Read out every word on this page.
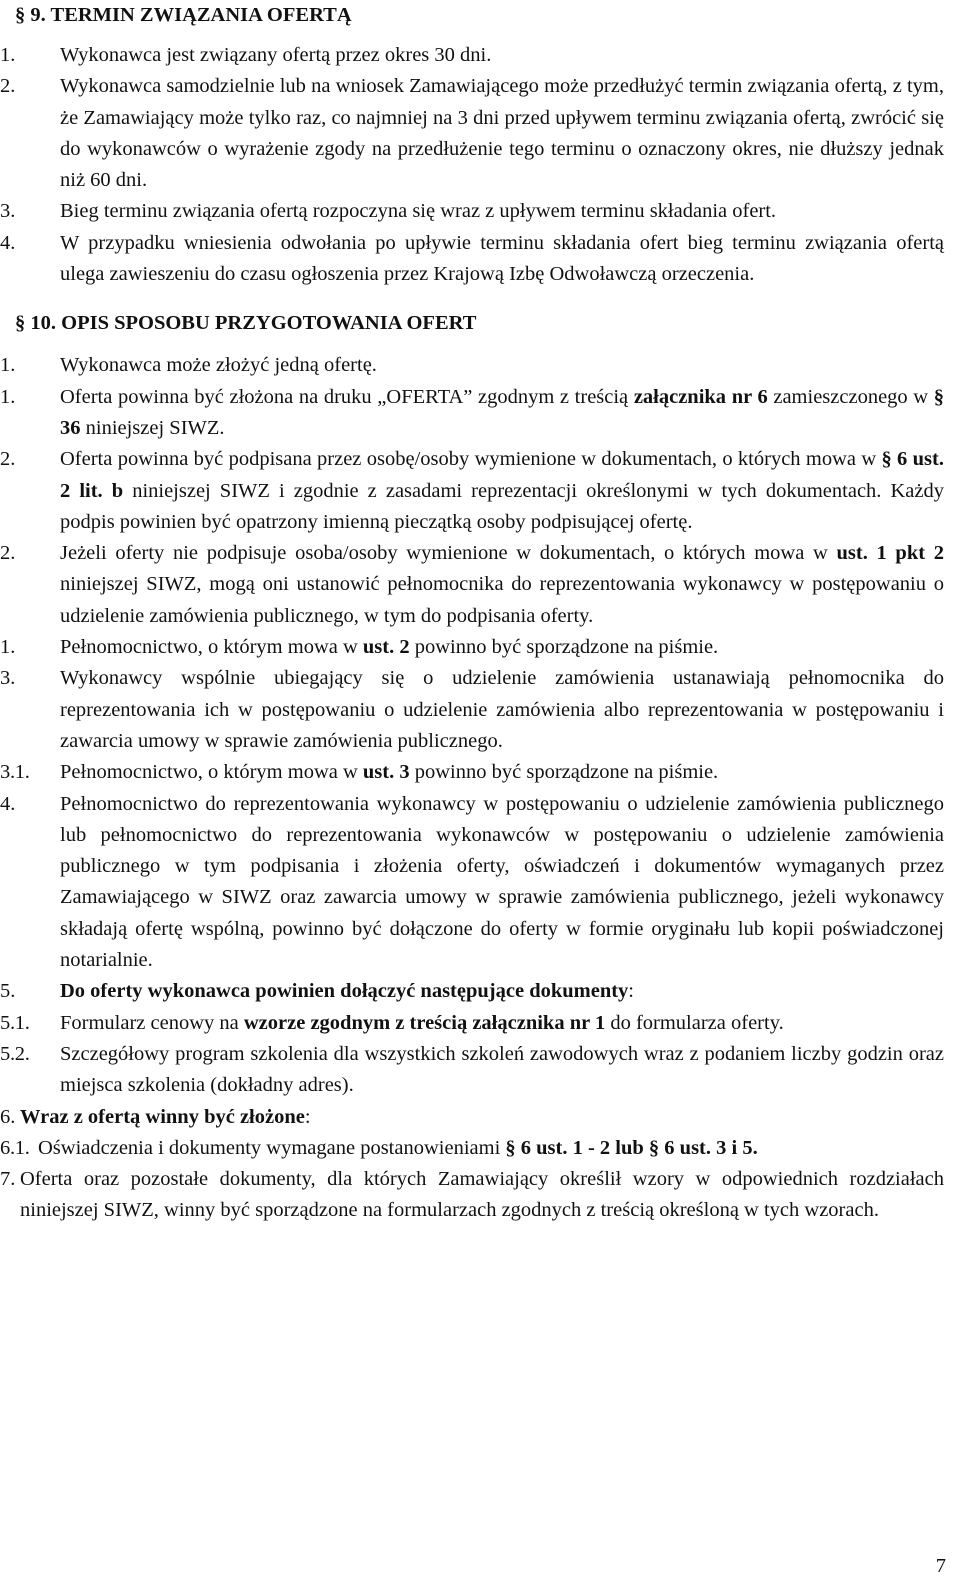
§ 9. TERMIN ZWIĄZANIA OFERTĄ
1. Wykonawca jest związany ofertą przez okres 30 dni.
2. Wykonawca samodzielnie lub na wniosek Zamawiającego może przedłużyć termin związania ofertą, z tym, że Zamawiający może tylko raz, co najmniej na 3 dni przed upływem terminu związania ofertą, zwrócić się do wykonawców o wyrażenie zgody na przedłużenie tego terminu o oznaczony okres, nie dłuższy jednak niż 60 dni.
3. Bieg terminu związania ofertą rozpoczyna się wraz z upływem terminu składania ofert.
4. W przypadku wniesienia odwołania po upływie terminu składania ofert bieg terminu związania ofertą ulega zawieszeniu do czasu ogłoszenia przez Krajową Izbę Odwoławczą orzeczenia.
§ 10. OPIS SPOSOBU PRZYGOTOWANIA OFERT
1. Wykonawca może złożyć jedną ofertę.
1. Oferta powinna być złożona na druku „OFERTA” zgodnym z treścią załącznika nr 6 zamieszczonego w § 36 niniejszej SIWZ.
2. Oferta powinna być podpisana przez osobę/osoby wymienione w dokumentach, o których mowa w § 6 ust. 2 lit. b niniejszej SIWZ i zgodnie z zasadami reprezentacji określonymi w tych dokumentach. Każdy podpis powinien być opatrzony imienną pieczątką osoby podpisującej ofertę.
2. Jeżeli oferty nie podpisuje osoba/osoby wymienione w dokumentach, o których mowa w ust. 1 pkt 2 niniejszej SIWZ, mogą oni ustanowić pełnomocnika do reprezentowania wykonawcy w postępowaniu o udzielenie zamówienia publicznego, w tym do podpisania oferty.
1. Pełnomocnictwo, o którym mowa w ust. 2 powinno być sporządzone na piśmie.
3. Wykonawcy wspólnie ubiegający się o udzielenie zamówienia ustanawiają pełnomocnika do reprezentowania ich w postępowaniu o udzielenie zamówienia albo reprezentowania w postępowaniu i zawarcia umowy w sprawie zamówienia publicznego.
3.1. Pełnomocnictwo, o którym mowa w ust. 3 powinno być sporządzone na piśmie.
4. Pełnomocnictwo do reprezentowania wykonawcy w postępowaniu o udzielenie zamówienia publicznego lub pełnomocnictwo do reprezentowania wykonawców w postępowaniu o udzielenie zamówienia publicznego w tym podpisania i złożenia oferty, oświadczeń i dokumentów wymaganych przez Zamawiającego w SIWZ oraz zawarcia umowy w sprawie zamówienia publicznego, jeżeli wykonawcy składają ofertę wspólną, powinno być dołączone do oferty w formie oryginału lub kopii poświadczonej notarialnie.
5. Do oferty wykonawca powinien dołączyć następujące dokumenty:
5.1. Formularz cenowy na wzorze zgodnym z treścią załącznika nr 1 do formularza oferty.
5.2. Szczegółowy program szkolenia dla wszystkich szkoleń zawodowych wraz z podaniem liczby godzin oraz miejsca szkolenia (dokładny adres).
6. Wraz z ofertą winny być złożone:
6.1. Oświadczenia i dokumenty wymagane postanowieniami § 6 ust. 1 - 2 lub § 6 ust. 3 i 5.
7. Oferta oraz pozostałe dokumenty, dla których Zamawiający określił wzory w odpowiednich rozdziałach niniejszej SIWZ, winny być sporządzone na formularzach zgodnych z treścią określoną w tych wzorach.
7
